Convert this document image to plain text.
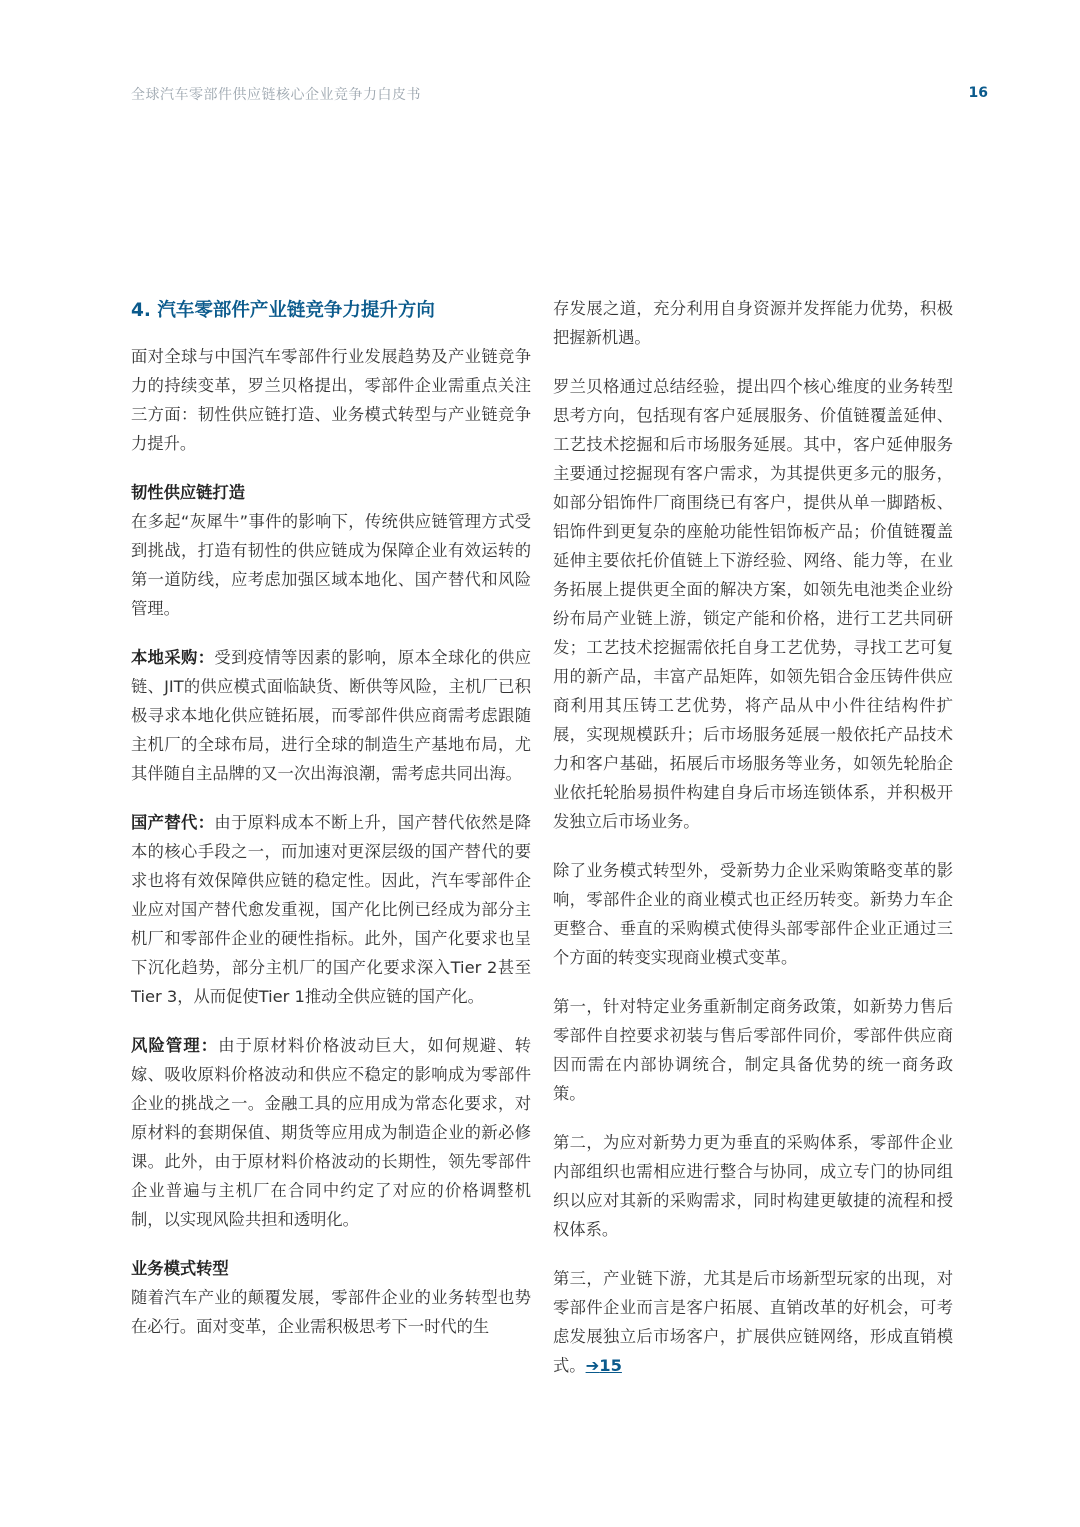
全球汽车零部件供应链核心企业竞争力白皮书	16
4. 汽车零部件产业链竞争力提升方向

面对全球与中国汽车零部件行业发展趋势及产业链竞争力的持续变革，罗兰贝格提出，零部件企业需重点关注三方面：韧性供应链打造、业务模式转型与产业链竞争力提升。

韧性供应链打造

在多起“灰犀牛”事件的影响下，传统供应链管理方式受到挑战，打造有韧性的供应链成为保障企业有效运转的第一道防线，应考虑加强区域本地化、国产替代和风险管理。

本地采购：受到疫情等因素的影响，原本全球化的供应链、JIT的供应模式面临缺货、断供等风险，主机厂已积极寻求本地化供应链拓展，而零部件供应商需考虑跟随主机厂的全球布局，进行全球的制造生产基地布局，尤其伴随自主品牌的又一次出海浪潮，需考虑共同出海。

国产替代：由于原料成本不断上升，国产替代依然是降本的核心手段之一，而加速对更深层级的国产替代的要求也将有效保障供应链的稳定性。因此，汽车零部件企业应对国产替代愈发重视，国产化比例已经成为部分主机厂和零部件企业的硬性指标。此外，国产化要求也呈下沉化趋势，部分主机厂的国产化要求深入Tier 2甚至Tier 3，从而促使Tier 1推动全供应链的国产化。

风险管理：由于原材料价格波动巨大，如何规避、转嫁、吸收原料价格波动和供应不稳定的影响成为零部件企业的挑战之一。金融工具的应用成为常态化要求，对原材料的套期保值、期货等应用成为制造企业的新必修课。此外，由于原材料价格波动的长期性，领先零部件企业普遍与主机厂在合同中约定了对应的价格调整机制，以实现风险共担和透明化。

业务模式转型

随着汽车产业的颠覆发展，零部件企业的业务转型也势在必行。面对变革，企业需积极思考下一时代的生

存发展之道，充分利用自身资源并发挥能力优势，积极把握新机遇。

罗兰贝格通过总结经验，提出四个核心维度的业务转型思考方向，包括现有客户延展服务、价值链覆盖延伸、工艺技术挖掘和后市场服务延展。其中，客户延伸服务主要通过挖掘现有客户需求，为其提供更多元的服务，如部分铝饰件厂商围绕已有客户，提供从单一脚踏板、铝饰件到更复杂的座舱功能性铝饰板产品；价值链覆盖延伸主要依托价值链上下游经验、网络、能力等，在业务拓展上提供更全面的解决方案，如领先电池类企业纷纷布局产业链上游，锁定产能和价格，进行工艺共同研发；工艺技术挖掘需依托自身工艺优势，寻找工艺可复用的新产品，丰富产品矩阵，如领先铝合金压铸件供应商利用其压铸工艺优势，将产品从中小件往结构件扩展，实现规模跃升；后市场服务延展一般依托产品技术力和客户基础，拓展后市场服务等业务，如领先轮胎企业依托轮胎易损件构建自身后市场连锁体系，并积极开发独立后市场业务。

除了业务模式转型外，受新势力企业采购策略变革的影响，零部件企业的商业模式也正经历转变。新势力车企更整合、垂直的采购模式使得头部零部件企业正通过三个方面的转变实现商业模式变革。

第一，针对特定业务重新制定商务政策，如新势力售后零部件自控要求初装与售后零部件同价，零部件供应商因而需在内部协调统合，制定具备优势的统一商务政策。

第二，为应对新势力更为垂直的采购体系，零部件企业内部组织也需相应进行整合与协同，成立专门的协同组织以应对其新的采购需求，同时构建更敏捷的流程和授权体系。

第三，产业链下游，尤其是后市场新型玩家的出现，对零部件企业而言是客户拓展、直销改革的好机会，可考虑发展独立后市场客户，扩展供应链网络，形成直销模式。➔15
